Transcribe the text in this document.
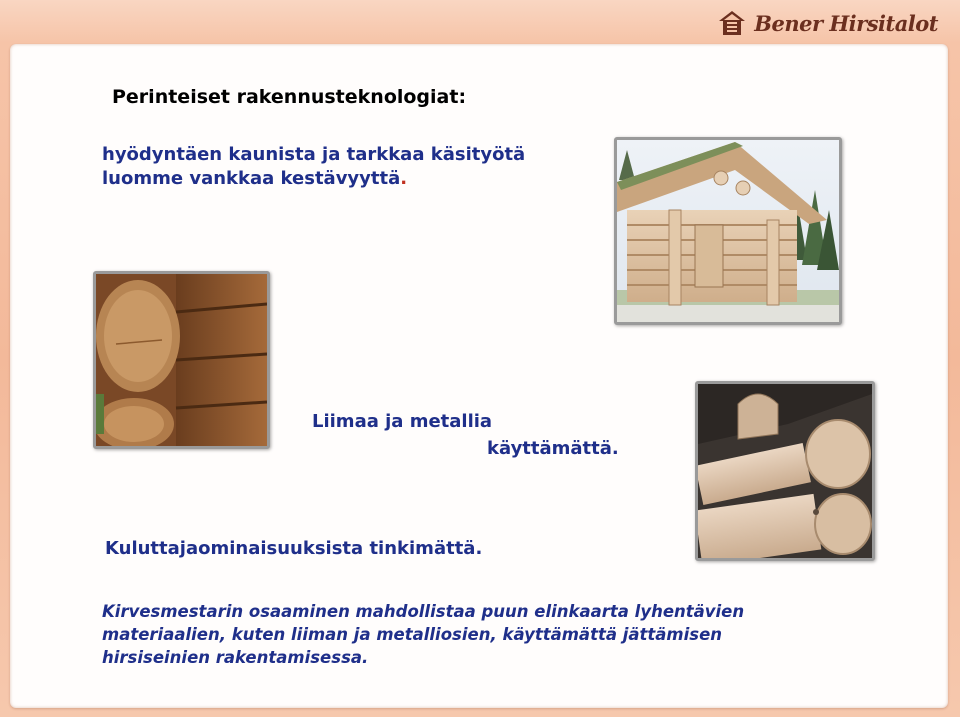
Bener Hirsitalot

Perinteiset rakennusteknologiat:

hyödyntäen kaunista ja tarkkaa käsityötä
luomme vankkaa kestävyyttä.
Liimaa ja metallia
käyttämättä.
Kuluttajaominaisuuksista tinkimättä.

Kirvesmestarin osaaminen mahdollistaa puun elinkaarta lyhentävien materiaalien, kuten liiman ja metalliosien, käyttämättä jättämisen hirsiseinien rakentamisessa.
